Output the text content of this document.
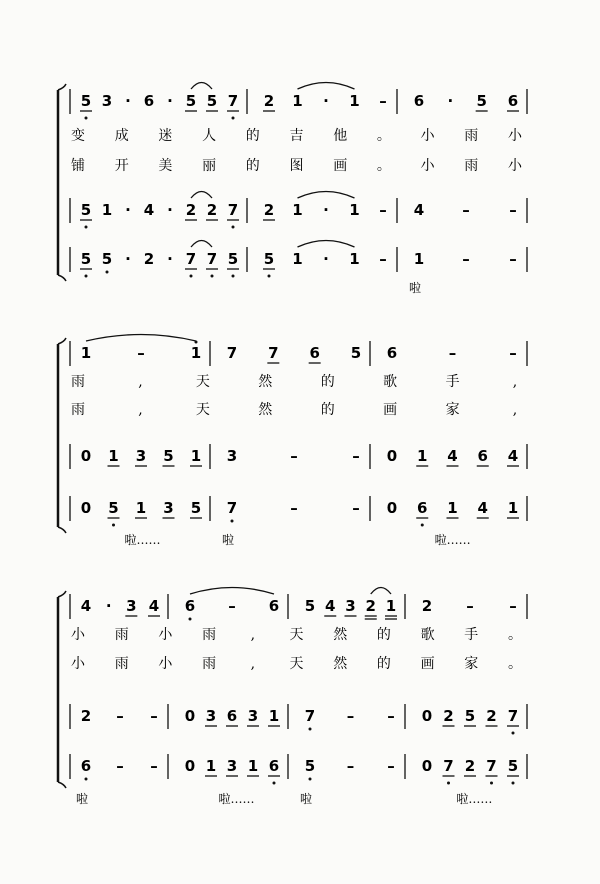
5 3 · 6 · 5 5 7 2 1 · 1 – 6 · 5 6
变 成 迷 人 的 吉 他 。 小 雨 小
铺 开 美 丽 的 图 画 。 小 雨 小
5 1 · 4 · 2 2 7 2 1 · 1 – 4	–	–
5 5 · 2 · 7 7 5 5 1 · 1 – 1	–	–
啦
1	–	1 7 7 6 5 6	–	–
雨	,	天	然	的	歌	手	,
雨	,	天	然	的	画	家	,
0 1 3 5 1 3	–	– 0 1 4 6 4
0 5 1 3 5 7	–	– 0 6 1 4 1
啦……	啦	啦……
4 · 3 4 6 – 6 5 4 3 2 1 2 – –
小 雨 小 雨 , 天 然 的 歌 手 。
小 雨 小 雨 , 天 然 的 画 家 。
2 – – 0 3 6 3 1 7 – – 0 2 5 2 7
6 – – 0 1 3 1 6 5 – – 0 7 2 7 5
啦	啦……	啦	啦……
